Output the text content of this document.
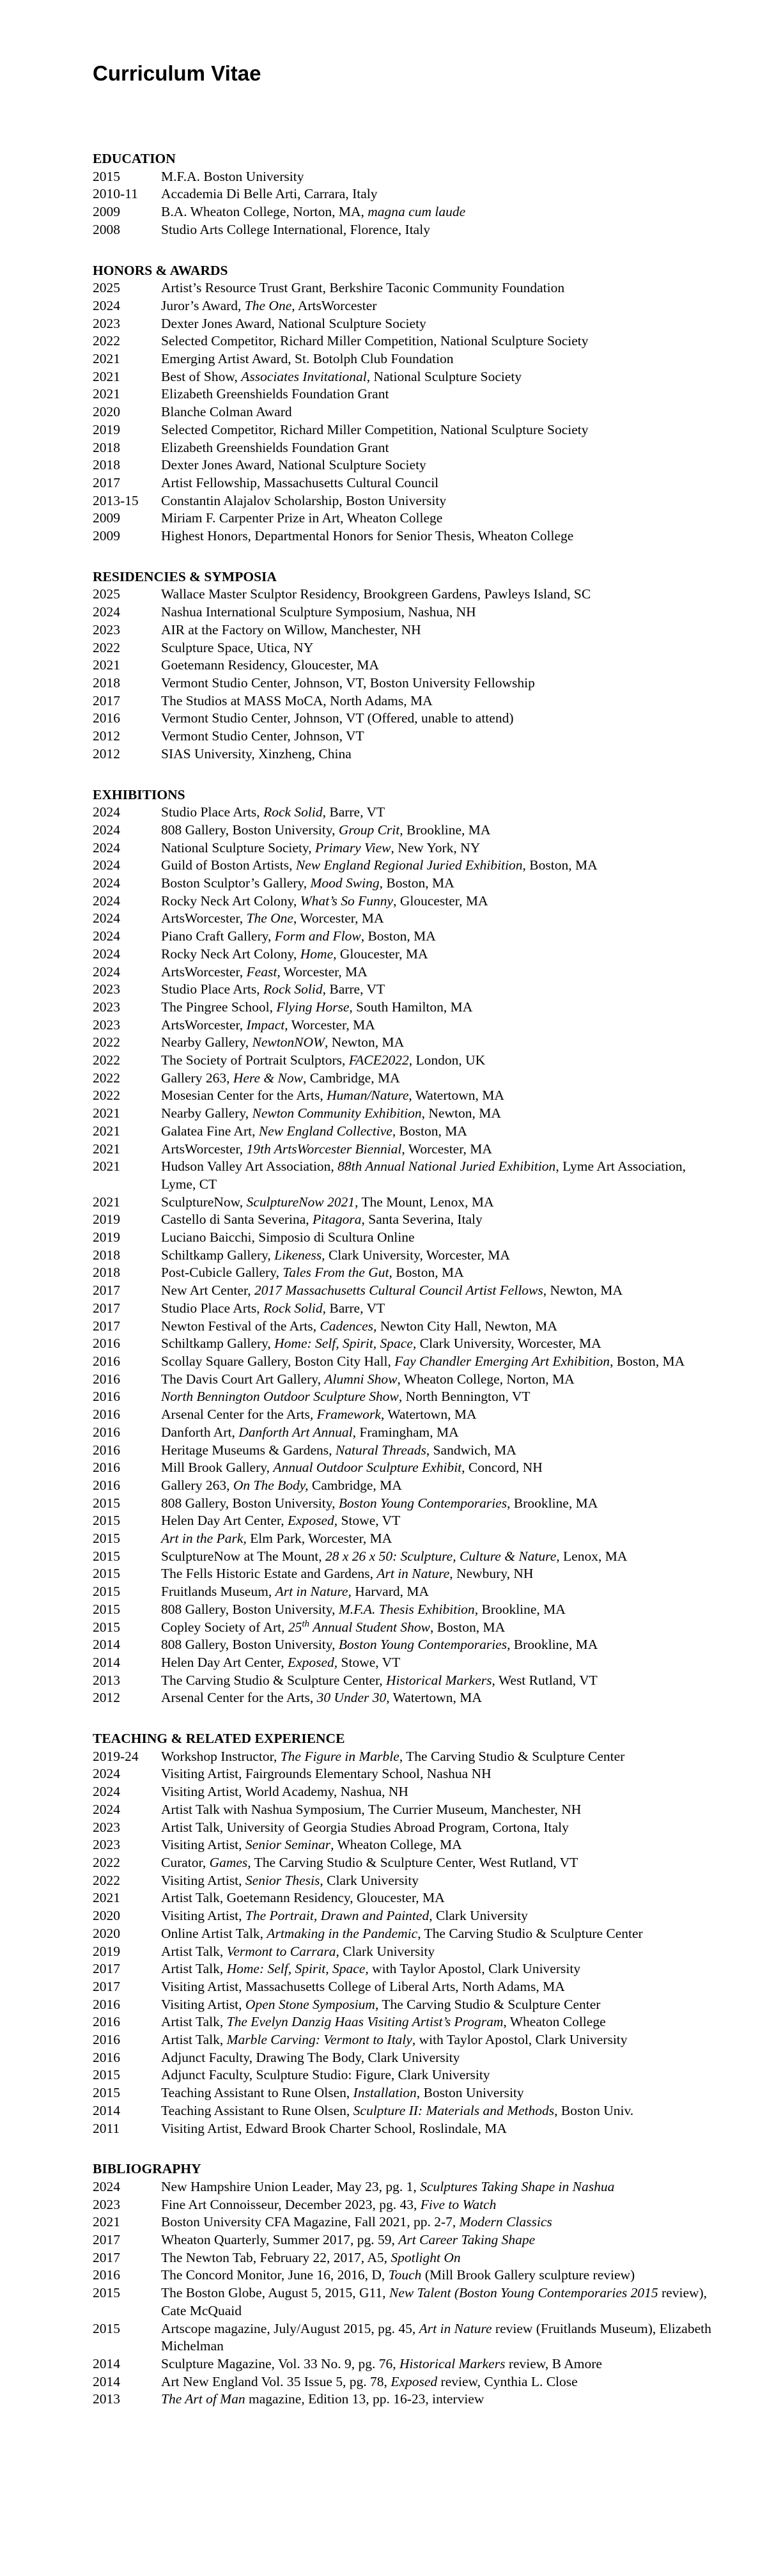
Curriculum Vitae
EDUCATION
2015	M.F.A. Boston University
2010-11	Accademia Di Belle Arti, Carrara, Italy
2009	B.A. Wheaton College, Norton, MA, magna cum laude
2008	Studio Arts College International, Florence, Italy
HONORS & AWARDS
2025	Artist’s Resource Trust Grant, Berkshire Taconic Community Foundation
2024	Juror’s Award, The One, ArtsWorcester
2023	Dexter Jones Award, National Sculpture Society
2022	Selected Competitor, Richard Miller Competition, National Sculpture Society
2021	Emerging Artist Award, St. Botolph Club Foundation
2021	Best of Show, Associates Invitational, National Sculpture Society
2021	Elizabeth Greenshields Foundation Grant
2020	Blanche Colman Award
2019	Selected Competitor, Richard Miller Competition, National Sculpture Society
2018	Elizabeth Greenshields Foundation Grant
2018	Dexter Jones Award, National Sculpture Society
2017	Artist Fellowship, Massachusetts Cultural Council
2013-15	Constantin Alajalov Scholarship, Boston University
2009	Miriam F. Carpenter Prize in Art, Wheaton College
2009	Highest Honors, Departmental Honors for Senior Thesis, Wheaton College
RESIDENCIES & SYMPOSIA
2025	Wallace Master Sculptor Residency, Brookgreen Gardens, Pawleys Island, SC
2024	Nashua International Sculpture Symposium, Nashua, NH
2023	AIR at the Factory on Willow, Manchester, NH
2022	Sculpture Space, Utica, NY
2021	Goetemann Residency, Gloucester, MA
2018	Vermont Studio Center, Johnson, VT, Boston University Fellowship
2017	The Studios at MASS MoCA, North Adams, MA
2016	Vermont Studio Center, Johnson, VT (Offered, unable to attend)
2012	Vermont Studio Center, Johnson, VT
2012	SIAS University, Xinzheng, China
EXHIBITIONS
2024	Studio Place Arts, Rock Solid, Barre, VT
2024	808 Gallery, Boston University, Group Crit, Brookline, MA
2024	National Sculpture Society, Primary View, New York, NY
2024	Guild of Boston Artists, New England Regional Juried Exhibition, Boston, MA
2024	Boston Sculptor’s Gallery, Mood Swing, Boston, MA
2024	Rocky Neck Art Colony, What’s So Funny, Gloucester, MA
2024	ArtsWorcester, The One, Worcester, MA
2024	Piano Craft Gallery, Form and Flow, Boston, MA
2024	Rocky Neck Art Colony, Home, Gloucester, MA
2024	ArtsWorcester, Feast, Worcester, MA
2023	Studio Place Arts, Rock Solid, Barre, VT
2023	The Pingree School, Flying Horse, South Hamilton, MA
2023	ArtsWorcester, Impact, Worcester, MA
2022	Nearby Gallery, NewtonNOW, Newton, MA
2022	The Society of Portrait Sculptors, FACE2022, London, UK
2022	Gallery 263, Here & Now, Cambridge, MA
2022	Mosesian Center for the Arts, Human/Nature, Watertown, MA
2021	Nearby Gallery, Newton Community Exhibition, Newton, MA
2021	Galatea Fine Art, New England Collective, Boston, MA
2021	ArtsWorcester, 19th ArtsWorcester Biennial, Worcester, MA
2021	Hudson Valley Art Association, 88th Annual National Juried Exhibition, Lyme Art Association, Lyme, CT
2021	SculptureNow, SculptureNow 2021, The Mount, Lenox, MA
2019	Castello di Santa Severina, Pitagora, Santa Severina, Italy
2019	Luciano Baicchi, Simposio di Scultura Online
2018	Schiltkamp Gallery, Likeness, Clark University, Worcester, MA
2018	Post-Cubicle Gallery, Tales From the Gut, Boston, MA
2017	New Art Center, 2017 Massachusetts Cultural Council Artist Fellows, Newton, MA
2017	Studio Place Arts, Rock Solid, Barre, VT
2017	Newton Festival of the Arts, Cadences, Newton City Hall, Newton, MA
2016	Schiltkamp Gallery, Home: Self, Spirit, Space, Clark University, Worcester, MA
2016	Scollay Square Gallery, Boston City Hall, Fay Chandler Emerging Art Exhibition, Boston, MA
2016	The Davis Court Art Gallery, Alumni Show, Wheaton College, Norton, MA
2016	North Bennington Outdoor Sculpture Show, North Bennington, VT
2016	Arsenal Center for the Arts, Framework, Watertown, MA
2016	Danforth Art, Danforth Art Annual, Framingham, MA
2016	Heritage Museums & Gardens, Natural Threads, Sandwich, MA
2016	Mill Brook Gallery, Annual Outdoor Sculpture Exhibit, Concord, NH
2016	Gallery 263, On The Body, Cambridge, MA
2015	808 Gallery, Boston University, Boston Young Contemporaries, Brookline, MA
2015	Helen Day Art Center, Exposed, Stowe, VT
2015	Art in the Park, Elm Park, Worcester, MA
2015	SculptureNow at The Mount, 28 x 26 x 50: Sculpture, Culture & Nature, Lenox, MA
2015	The Fells Historic Estate and Gardens, Art in Nature, Newbury, NH
2015	Fruitlands Museum, Art in Nature, Harvard, MA
2015	808 Gallery, Boston University, M.F.A. Thesis Exhibition, Brookline, MA
2015	Copley Society of Art, 25th Annual Student Show, Boston, MA
2014	808 Gallery, Boston University, Boston Young Contemporaries, Brookline, MA
2014	Helen Day Art Center, Exposed, Stowe, VT
2013	The Carving Studio & Sculpture Center, Historical Markers, West Rutland, VT
2012	Arsenal Center for the Arts, 30 Under 30, Watertown, MA
TEACHING & RELATED EXPERIENCE
2019-24	Workshop Instructor, The Figure in Marble, The Carving Studio & Sculpture Center
2024	Visiting Artist, Fairgrounds Elementary School, Nashua NH
2024	Visiting Artist, World Academy, Nashua, NH
2024	Artist Talk with Nashua Symposium, The Currier Museum, Manchester, NH
2023	Artist Talk, University of Georgia Studies Abroad Program, Cortona, Italy
2023	Visiting Artist, Senior Seminar, Wheaton College, MA
2022	Curator, Games, The Carving Studio & Sculpture Center, West Rutland, VT
2022	Visiting Artist, Senior Thesis, Clark University
2021	Artist Talk, Goetemann Residency, Gloucester, MA
2020	Visiting Artist, The Portrait, Drawn and Painted, Clark University
2020	Online Artist Talk, Artmaking in the Pandemic, The Carving Studio & Sculpture Center
2019	Artist Talk, Vermont to Carrara, Clark University
2017	Artist Talk, Home: Self, Spirit, Space, with Taylor Apostol, Clark University
2017	Visiting Artist, Massachusetts College of Liberal Arts, North Adams, MA
2016	Visiting Artist, Open Stone Symposium, The Carving Studio & Sculpture Center
2016	Artist Talk, The Evelyn Danzig Haas Visiting Artist’s Program, Wheaton College
2016	Artist Talk, Marble Carving: Vermont to Italy, with Taylor Apostol, Clark University
2016	Adjunct Faculty, Drawing The Body, Clark University
2015	Adjunct Faculty, Sculpture Studio: Figure, Clark University
2015	Teaching Assistant to Rune Olsen, Installation, Boston University
2014	Teaching Assistant to Rune Olsen, Sculpture II: Materials and Methods, Boston Univ.
2011	Visiting Artist, Edward Brook Charter School, Roslindale, MA
BIBLIOGRAPHY
2024	New Hampshire Union Leader, May 23, pg. 1, Sculptures Taking Shape in Nashua
2023	Fine Art Connoisseur, December 2023, pg. 43, Five to Watch
2021	Boston University CFA Magazine, Fall 2021, pp. 2-7, Modern Classics
2017	Wheaton Quarterly, Summer 2017, pg. 59, Art Career Taking Shape
2017	The Newton Tab, February 22, 2017, A5, Spotlight On
2016	The Concord Monitor, June 16, 2016, D, Touch (Mill Brook Gallery sculpture review)
2015	The Boston Globe, August 5, 2015, G11, New Talent (Boston Young Contemporaries 2015 review), Cate McQuaid
2015	Artscope magazine, July/August 2015, pg. 45, Art in Nature review (Fruitlands Museum), Elizabeth Michelman
2014	Sculpture Magazine, Vol. 33 No. 9, pg. 76, Historical Markers review, B Amore
2014	Art New England Vol. 35 Issue 5, pg. 78, Exposed review, Cynthia L. Close
2013	The Art of Man magazine, Edition 13, pp. 16-23, interview
